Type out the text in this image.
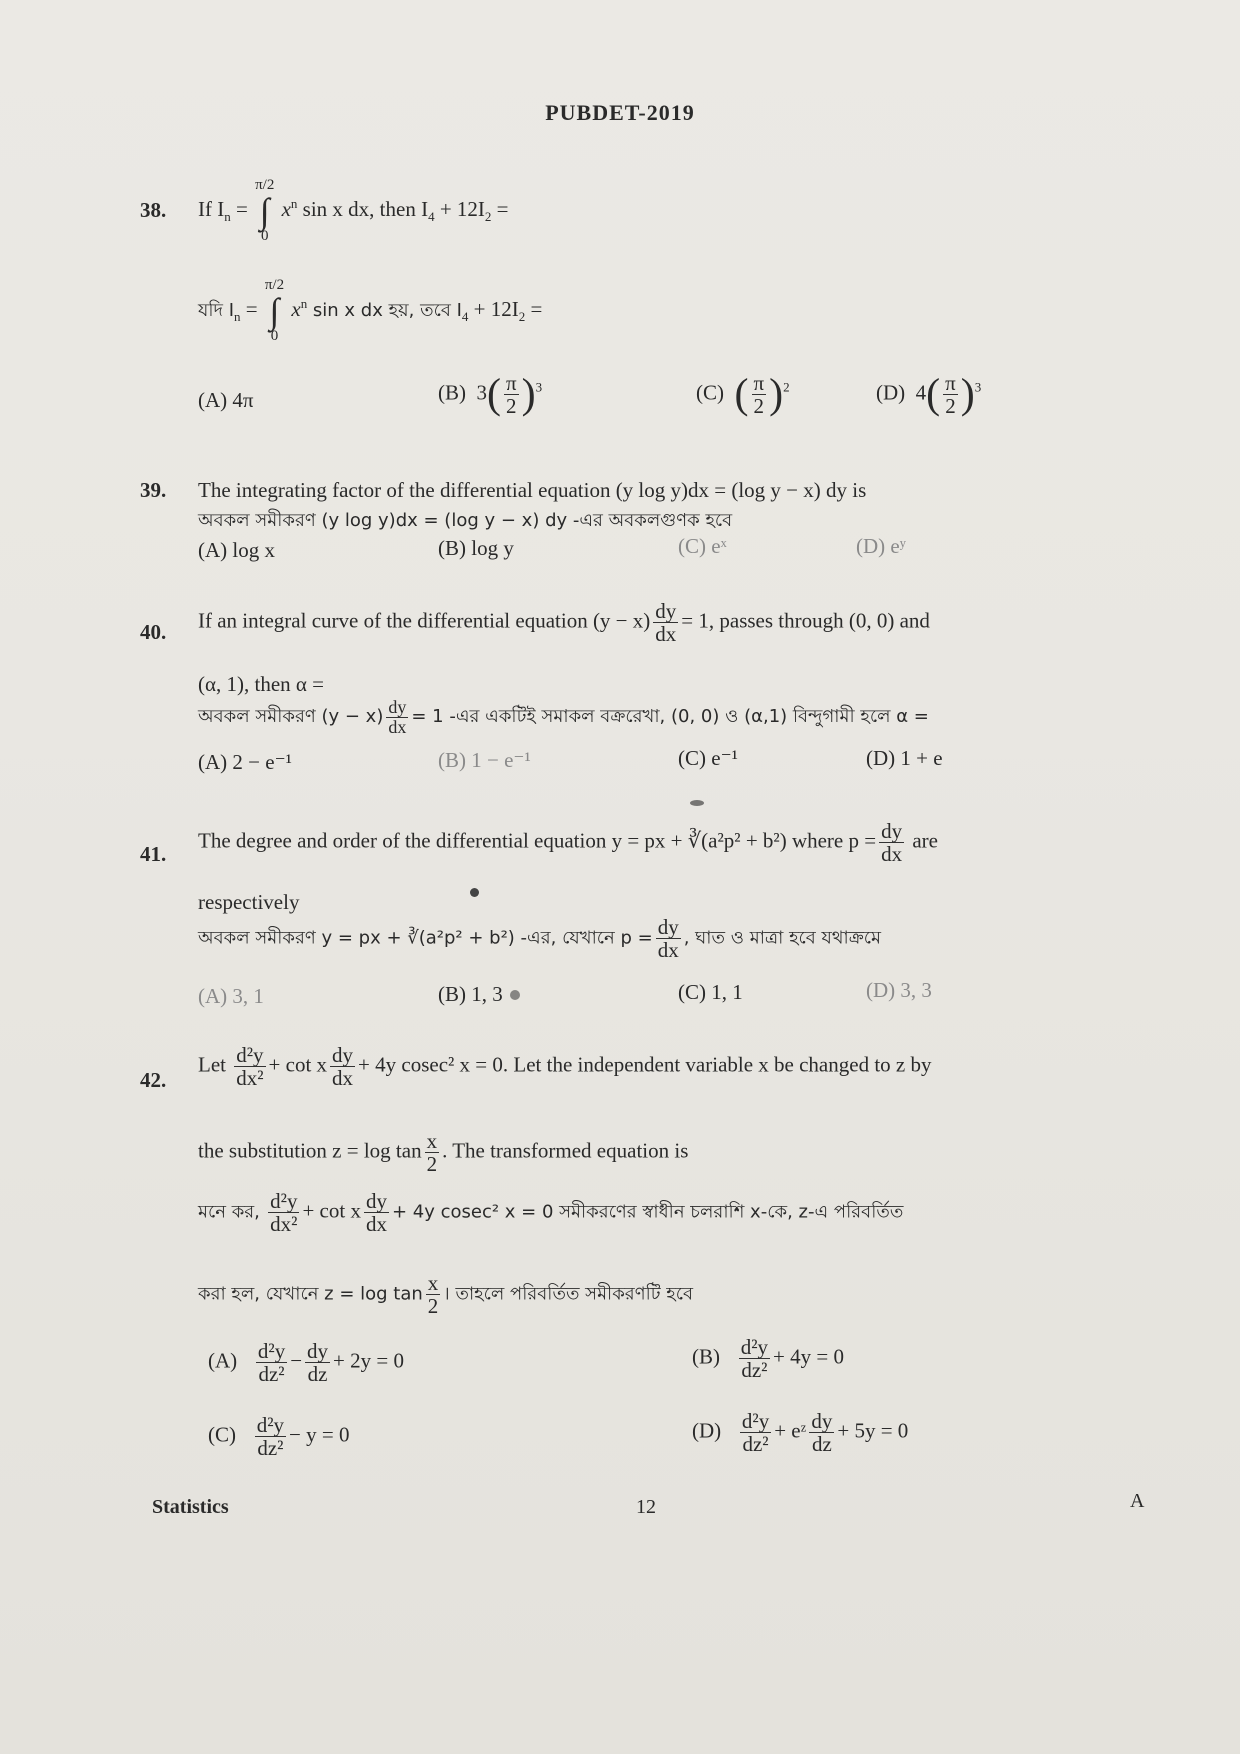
PUBDET-2019
38. If $I_n$ =
π/2
∫
0
$x^n$ sin x dx, then $I_4 + 12I_2$ =
যদি $I_n$ =
π/2
∫
0
$x^n$ sin x dx হয়, তবে $I_4 + 12I_2$ =
(A) 4π	(B) $3( \frac{\pi}{2} )^3$	(C) ( $\frac{\pi}{2} )^2$	(D) $4( \frac{\pi}{2} )^3$
39. The integrating factor of the differential equation (y log y)dx = (log y − x) dy is
অবকল সমীকরণ (y log y)dx = (log y − x) dy -এর অবকলগুণক হবে
(A) log x	(B) log y	(C) eˣ	(D) eʸ
40. If an integral curve of the differential equation $(y - x) \frac{dy}{dx} = 1$, passes through (0, 0) and
(α, 1), then α =
অবকল সমীকরণ $(y - x) \frac{dy}{dx} = 1$ -এর একটিই সমাকল বক্ররেখা, (0, 0) ও (α,1) বিন্দুগামী হলে α =
(A) 2 − e⁻¹	(B) 1 − e⁻¹	(C) e⁻¹	(D) 1 + e
41.
The degree and order of the differential equation y = px + ∛(a²p² + b²) where $p = \frac{dy}{dx}$ are
respectively
অবকল সমীকরণ y = px + ∛(a²p² + b²) -এর, যেখানে $p = \frac{dy}{dx}$ , ঘাত ও মাত্রা হবে যথাক্রমে
(A) 3, 1	(B) 1, 3	(C) 1, 1	(D) 3, 3
42.
Let $\frac{\text{d²y}}{\text{dx²}} + \cot x \frac{dy}{dx} + 4y$ cosec² x = 0. Let the independent variable x be changed to z by
the substitution $z = \log \tan \frac{x}{2}$ . The transformed equation is
মনে কর, $\frac{\text{d²y}}{\text{dx²}} + \cot x \frac{dy}{dx} + 4y$ cosec² x = 0 সমীকরণের স্বাধীন চলরাশি x-কে, z-এ পরিবর্তিত
করা হল, যেখানে $z = \log \tan \frac{x}{2}$ । তাহলে পরিবর্তিত সমীকরণটি হবে
$(A) \frac{\text{d²y}}{\text{dz²}} - \frac{dy}{dz} + 2y = 0$	$(B) \frac{\text{d²y}}{\text{dz²}} + 4y = 0$
$(C) \frac{\text{d²y}}{\text{dz²}} - y = 0$	$(D) \frac{\text{d²y}}{\text{dz²}}$ + eᶻ $\frac{dy}{dz} + 5y = 0$
Statistics	12	A
